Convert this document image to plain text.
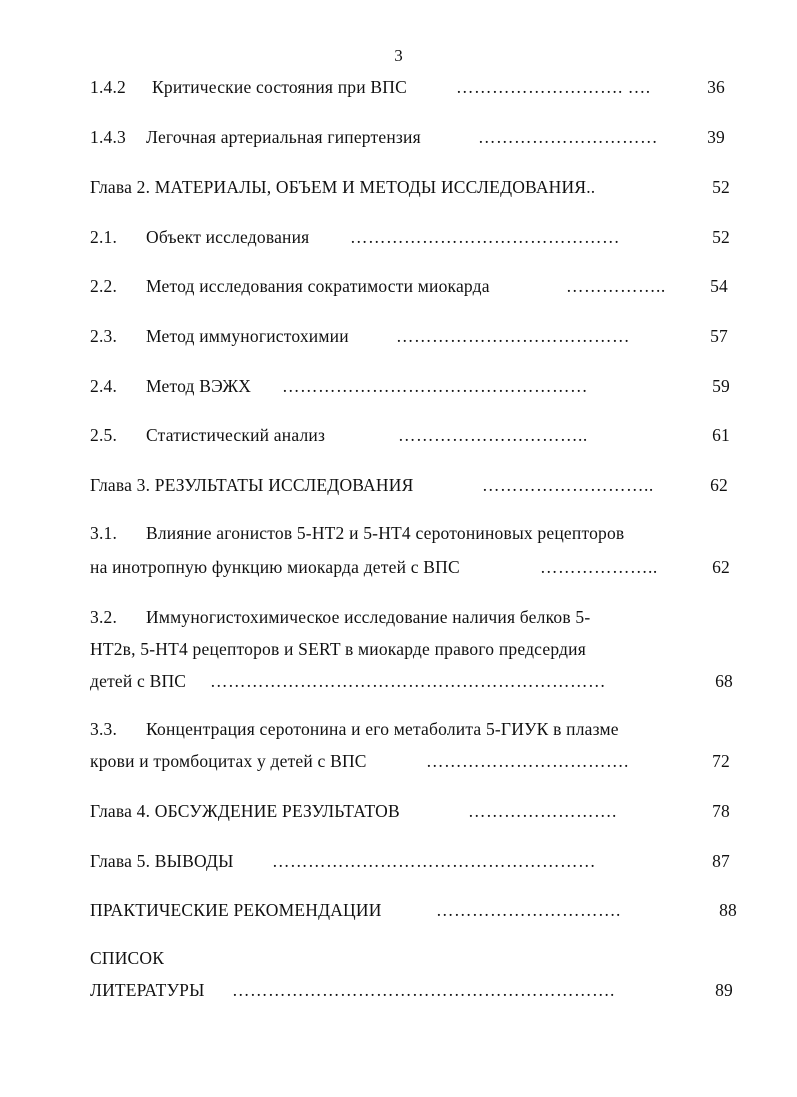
3
1.4.2 Критические состояния при ВПС	………………………. ….	36
1.4.3 Легочная артериальная гипертензия	…………………………	39
Глава 2. МАТЕРИАЛЫ, ОБЪЕМ И МЕТОДЫ ИССЛЕДОВАНИЯ..	52
2.1. Объект исследования ………………………………………	52
2.2. Метод исследования сократимости миокарда	……………..	54
2.3. Метод иммуногистохимии	…………………………………	57
2.4. Метод ВЭЖХ ……………………………………………	59
2.5. Статистический анализ	…………………………..	61
Глава 3. РЕЗУЛЬТАТЫ ИССЛЕДОВАНИЯ	………………………..	62
3.1. Влияние агонистов 5-НТ2 и 5-НТ4 серотониновых рецепторов
на инотропную функцию миокарда детей с ВПС	………………..	62
3.2. Иммуногистохимическое исследование наличия белков 5-
НТ2в, 5-НТ4 рецепторов и SERT в миокарде правого предсердия
детей с ВПС …………………………………………………………	68
3.3. Концентрация серотонина и его метаболита 5-ГИУК в плазме
крови и тромбоцитах у детей с ВПС	…………………………….	72
Глава 4. ОБСУЖДЕНИЕ РЕЗУЛЬТАТОВ	…………………….	78
Глава 5. ВЫВОДЫ ………………………………………………	87
ПРАКТИЧЕСКИЕ РЕКОМЕНДАЦИИ	………………………….	88
СПИСОК
ЛИТЕРАТУРЫ ……………………………………………………….	89
